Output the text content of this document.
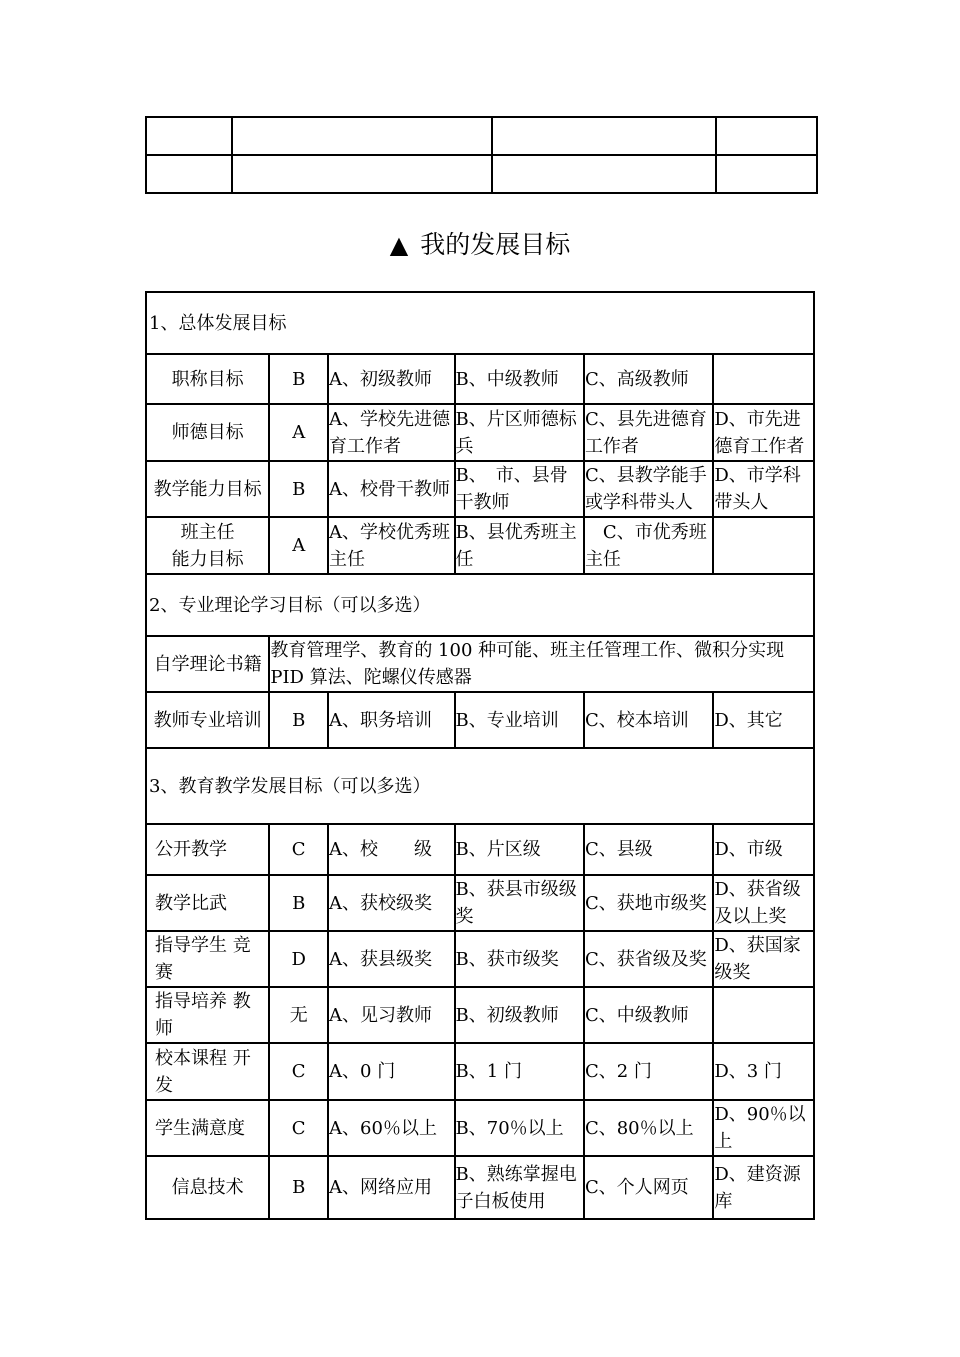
▲ 我的发展目标
1、总体发展目标					
职称目标	B	A、初级教师	B、中级教师	C、高级教师	
师德目标	A	A、学校先进德育工作者	B、片区师德标兵	C、县先进德育工作者	D、市先进德育工作者
教学能力目标	B	A、校骨干教师	B、　市、县骨干教师	C、县教学能手或学科带头人	D、市学科带头人

班主任
能力目标	A	A、学校优秀班主任	B、县优秀班主任	　C、市优秀班主任	
2、专业理论学习目标（可以多选）					
自学理论书籍	教育管理学、教育的 100 种可能、班主任管理工作、微积分实现 PID 算法、陀螺仪传感器				
教师专业培训	B	A、职务培训	B、专业培训	C、校本培训	D、其它
3、教育教学发展目标（可以多选）					
公开教学	C	A、校　　级	B、片区级	C、县级	D、市级
教学比武	B	A、获校级奖	B、获县市级级奖	C、获地市级奖	D、获省级及以上奖
指导学生 竞赛	D	A、获县级奖	B、获市级奖	C、获省级及奖	D、获国家级奖
指导培养 教师	无	A、见习教师	B、初级教师	C、中级教师	
校本课程 开发	C	A、0 门	B、1 门	C、2 门	D、3 门
学生满意度	C	A、60％以上	B、70％以上	C、80％以上	D、90％以上
信息技术	B	A、网络应用	B、熟练掌握电子白板使用	C、个人网页	D、建资源库
